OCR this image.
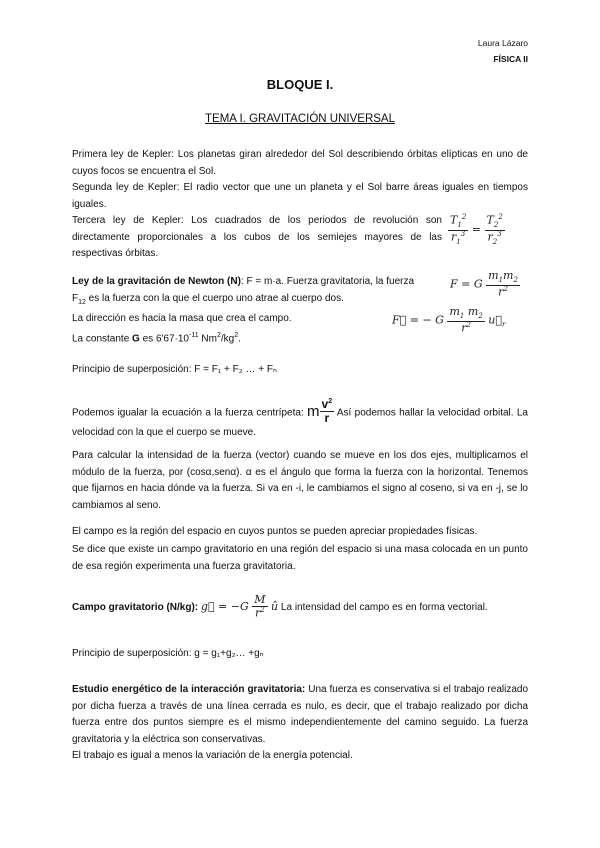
Laura Lázaro
FÍSICA II
BLOQUE I.
TEMA I. GRAVITACIÓN UNIVERSAL
Primera ley de Kepler: Los planetas giran alrededor del Sol describiendo órbitas elípticas en uno de cuyos focos se encuentra el Sol.
Segunda ley de Kepler: El radio vector que une un planeta y el Sol barre áreas iguales en tiempos iguales.
Tercera ley de Kepler: Los cuadrados de los periodos de revolución son directamente proporcionales a los cubos de los semiejes mayores de las respectivas órbitas.
$\frac{T_1^2}{r_1^3} = \frac{T_2^2}{r_2^3}$
Ley de la gravitación de Newton (N): F = m·a. Fuerza gravitatoria, la fuerza
$F_{12}$ es la fuerza con la que el cuerpo uno atrae al cuerpo dos.
La dirección es hacia la masa que crea el campo.
La constante G es $6'67\cdot 10^{-11}$ $Nm^2/kg^2$.
F = G $\frac{m_1m_2}{r^2}$
F⃗ = − G $\frac{m_1 m_2}{r^2}$ $u⃗_r$
Principio de superposición: F = F₁ + F₂ … + Fₙ
Podemos igualar la ecuación a la fuerza centrípeta: m $\frac{v^2}{r}$ Así podemos hallar la velocidad orbital. La velocidad con la que el cuerpo se mueve.
Para calcular la intensidad de la fuerza (vector) cuando se mueve en los dos ejes, multiplicamos el módulo de la fuerza, por (cosα,senα). α es el ángulo que forma la fuerza con la horizontal. Tenemos que fijarnos en hacia dónde va la fuerza. Si va en -i, le cambiamos el signo al coseno, si va en -j, se lo cambiamos al seno.
El campo es la región del espacio en cuyos puntos se pueden apreciar propiedades físicas.
Se dice que existe un campo gravitatorio en una región del espacio si una masa colocada en un punto de esa región experimenta una fuerza gravitatoria.
Campo gravitatorio (N/kg): g⃗ = $-G \frac{M}{r^2}$ û La intensidad del campo es en forma vectorial.
Principio de superposición: g = g₁+g₂… +gₙ
Estudio energético de la interacción gravitatoria: Una fuerza es conservativa si el trabajo realizado por dicha fuerza a través de una línea cerrada es nulo, es decir, que el trabajo realizado por dicha fuerza entre dos puntos siempre es el mismo independientemente del camino seguido. La fuerza gravitatoria y la eléctrica son conservativas.
El trabajo es igual a menos la variación de la energía potencial.
